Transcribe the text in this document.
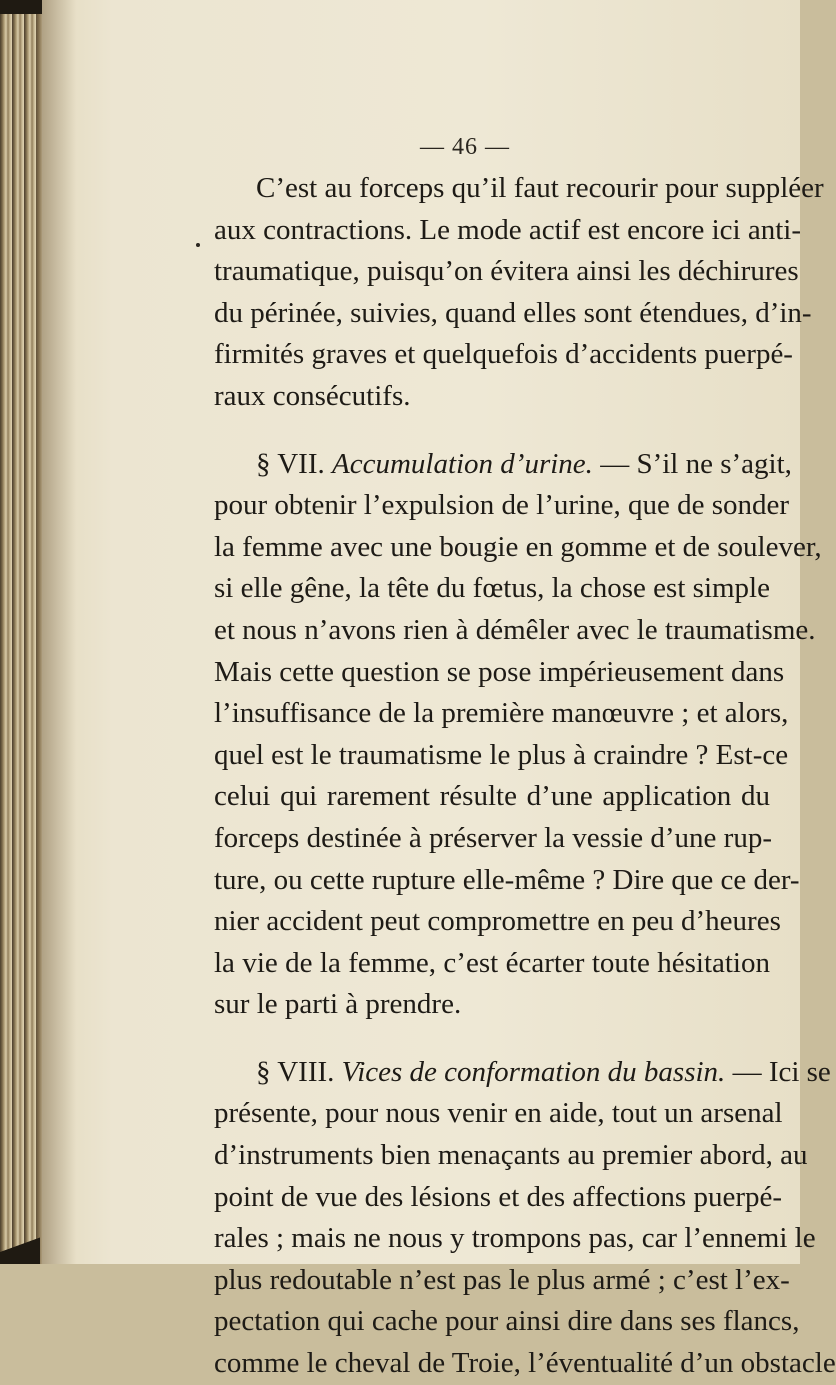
— 46 —
C’est au forceps qu’il faut recourir pour suppléer
aux contractions. Le mode actif est encore ici anti-
traumatique, puisqu’on évitera ainsi les déchirures
du périnée, suivies, quand elles sont étendues, d’in-
firmités graves et quelquefois d’accidents puerpé-
raux consécutifs.
§ VII. Accumulation d’urine. — S’il ne s’agit,
pour obtenir l’expulsion de l’urine, que de sonder
la femme avec une bougie en gomme et de soulever,
si elle gêne, la tête du fœtus, la chose est simple
et nous n’avons rien à démêler avec le traumatisme.
Mais cette question se pose impérieusement dans
l’insuffisance de la première manœuvre ; et alors,
quel est le traumatisme le plus à craindre ? Est-ce
celui qui rarement résulte d’une application du
forceps destinée à préserver la vessie d’une rup-
ture, ou cette rupture elle-même ? Dire que ce der-
nier accident peut compromettre en peu d’heures
la vie de la femme, c’est écarter toute hésitation
sur le parti à prendre.
§ VIII. Vices de conformation du bassin. — Ici se
présente, pour nous venir en aide, tout un arsenal
d’instruments bien menaçants au premier abord, au
point de vue des lésions et des affections puerpé-
rales ; mais ne nous y trompons pas, car l’ennemi le
plus redoutable n’est pas le plus armé ; c’est l’ex-
pectation qui cache pour ainsi dire dans ses flancs,
comme le cheval de Troie, l’éventualité d’un obstacle
